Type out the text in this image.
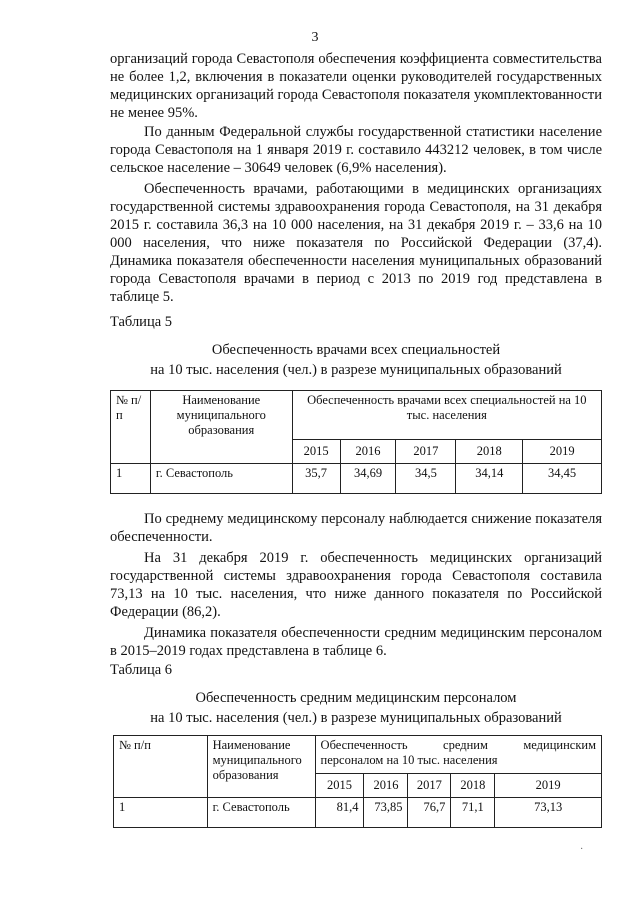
3

организаций города Севастополя обеспечения коэффициента совместительства не более 1,2, включения в показатели оценки руководителей государственных медицинских организаций города Севастополя показателя укомплектованности не менее 95%.

По данным Федеральной службы государственной статистики население города Севастополя на 1 января 2019 г. составило 443212 человек, в том числе сельское население – 30649 человек (6,9% населения).

Обеспеченность врачами, работающими в медицинских организациях государственной системы здравоохранения города Севастополя, на 31 декабря 2015 г. составила 36,3 на 10 000 населения, на 31 декабря 2019 г. – 33,6 на 10 000 населения, что ниже показателя по Российской Федерации (37,4). Динамика показателя обеспеченности населения муниципальных образований города Севастополя врачами в период с 2013 по 2019 год представлена в таблице 5.

Таблица 5
Обеспеченность врачами всех специальностей
на 10 тыс. населения (чел.) в разрезе муниципальных образований
№ п/п	Наименование муниципального образования	Обеспеченность врачами всех специальностей на 10 тыс. населения				
		2015	2016	2017	2018	2019
1	г. Севастополь	35,7	34,69	34,5	34,14	34,45

По среднему медицинскому персоналу наблюдается снижение показателя обеспеченности.

На 31 декабря 2019 г. обеспеченность медицинских организаций государственной системы здравоохранения города Севастополя составила 73,13 на 10 тыс. населения, что ниже данного показателя по Российской Федерации (86,2).

Динамика показателя обеспеченности средним медицинским персоналом в 2015–2019 годах представлена в таблице 6.

Таблица 6
Обеспеченность средним медицинским персоналом
на 10 тыс. населения (чел.) в разрезе муниципальных образований
№ п/п	Наименование муниципального образования	Обеспеченность средним медицинским персоналом на 10 тыс. населения				
		2015	2016	2017	2018	2019
1	г. Севастополь	81,4	73,85	76,7	71,1	73,13
·
